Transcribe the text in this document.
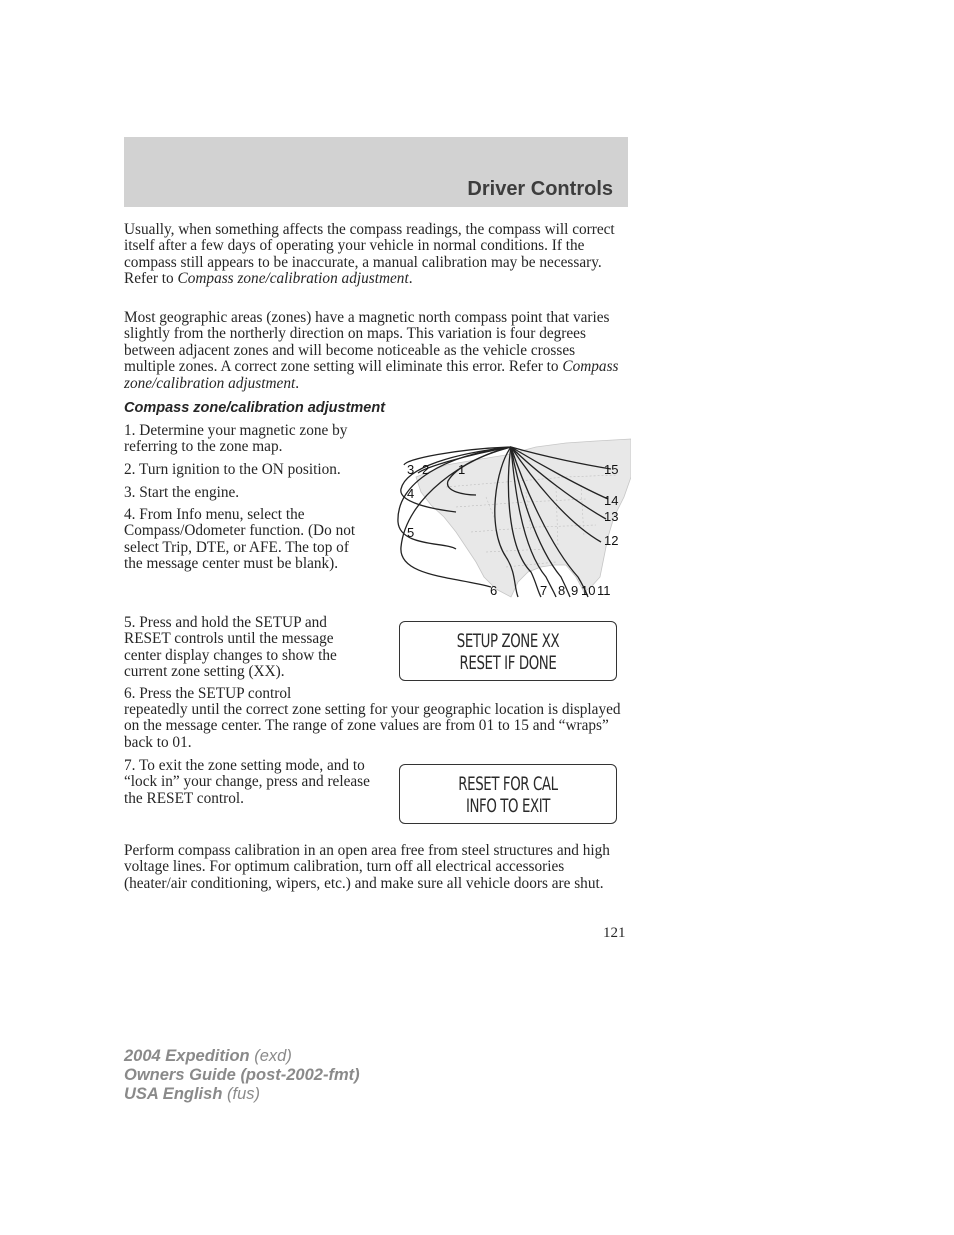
Driver Controls
Usually, when something affects the compass readings, the compass will correct itself after a few days of operating your vehicle in normal conditions. If the compass still appears to be inaccurate, a manual calibration may be necessary. Refer to Compass zone/calibration adjustment.
Most geographic areas (zones) have a magnetic north compass point that varies slightly from the northerly direction on maps. This variation is four degrees between adjacent zones and will become noticeable as the vehicle crosses multiple zones. A correct zone setting will eliminate this error. Refer to Compass zone/calibration adjustment.
Compass zone/calibration adjustment
1. Determine your magnetic zone by referring to the zone map.
2. Turn ignition to the ON position.
3. Start the engine.
4. From Info menu, select the Compass/Odometer function. (Do not select Trip, DTE, or AFE. The top of the message center must be blank).
3 2 1
4
5
6	7 8 9 10 11
12
13
14
15
5. Press and hold the SETUP and RESET controls until the message center display changes to show the current zone setting (XX).
SETUP ZONE XX
RESET IF DONE
6. Press the SETUP control
repeatedly until the correct zone setting for your geographic location is displayed on the message center. The range of zone values are from 01 to 15 and “wraps” back to 01.
7. To exit the zone setting mode, and to “lock in” your change, press and release the RESET control.
RESET FOR CAL
INFO TO EXIT
Perform compass calibration in an open area free from steel structures and high voltage lines. For optimum calibration, turn off all electrical accessories (heater/air conditioning, wipers, etc.) and make sure all vehicle doors are shut.
121
2004 Expedition (exd)
Owners Guide (post-2002-fmt)
USA English (fus)
